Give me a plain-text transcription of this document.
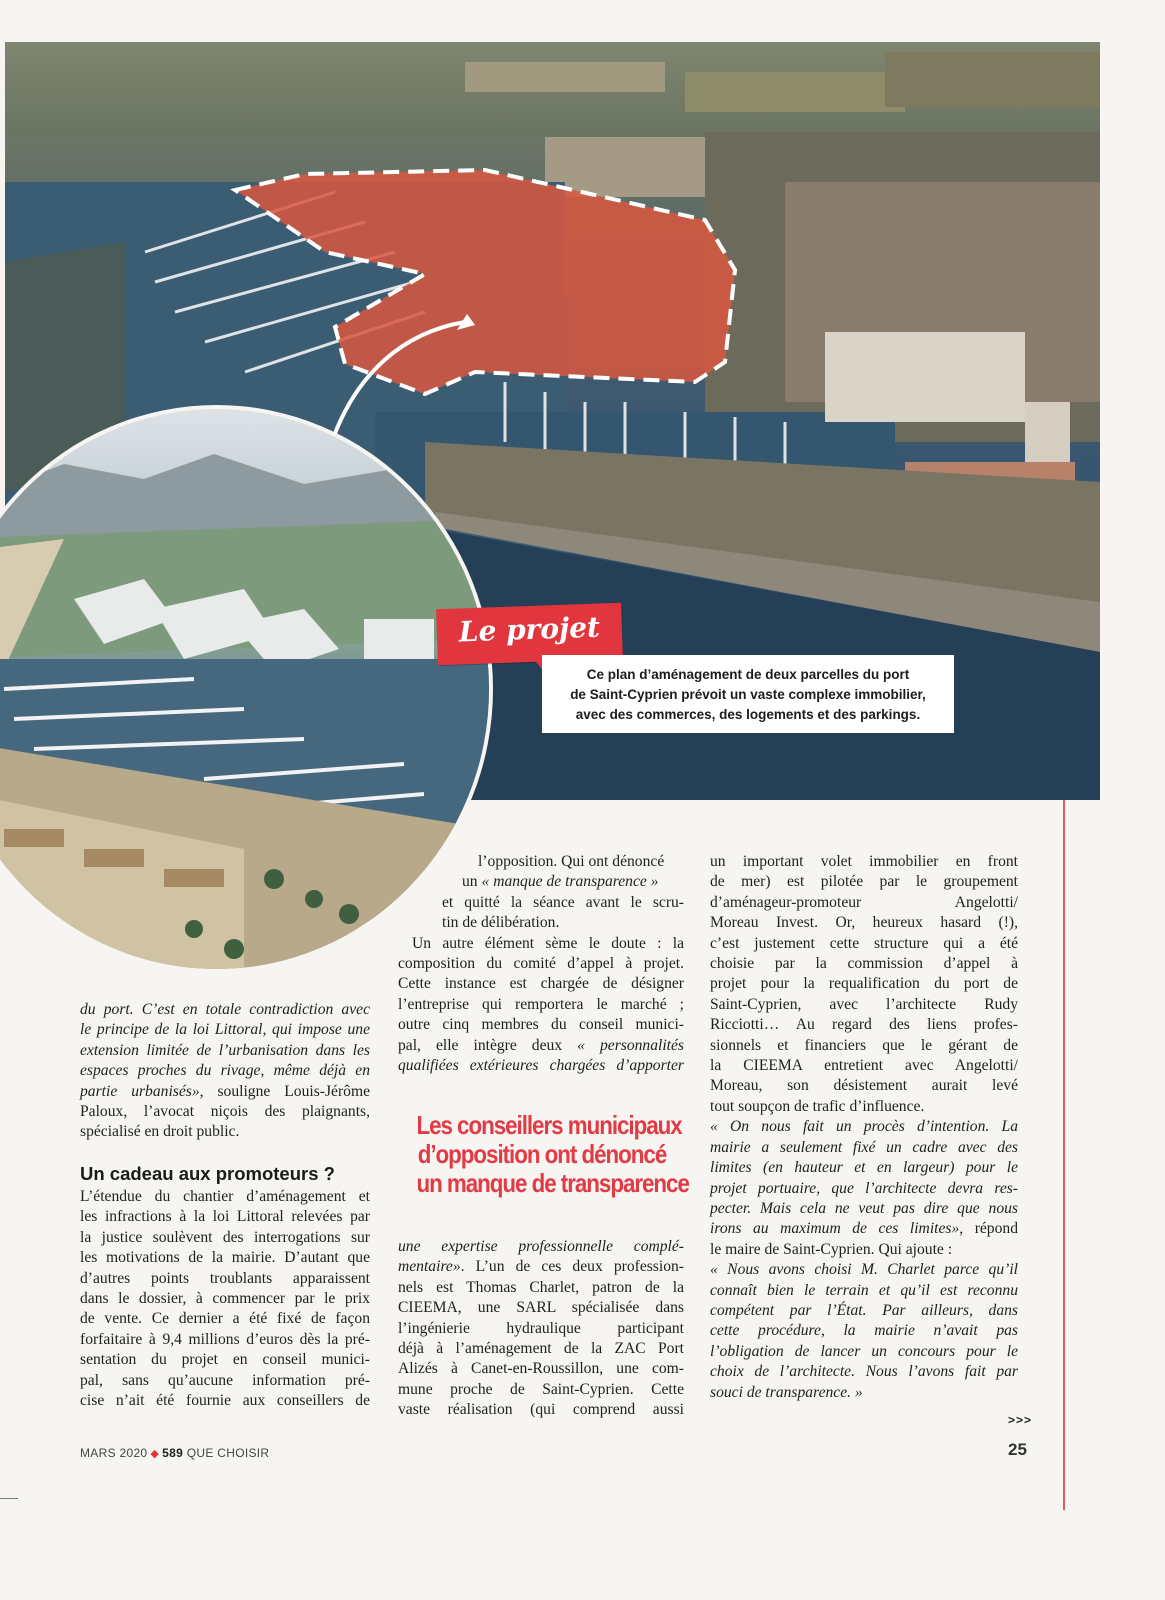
Le projet
Ce plan d’aménagement de deux parcelles du port
de Saint-Cyprien prévoit un vaste complexe immobilier,
avec des commerces, des logements et des parkings.
du port. C’est en totale contradiction avec
le principe de la loi Littoral, qui impose une
extension limitée de l’urbanisation dans les
espaces proches du rivage, même déjà en
partie urbanisés», souligne Louis-Jérôme
Paloux, l’avocat niçois des plaignants,
spécialisé en droit public.
Un cadeau aux promoteurs ?
L’étendue du chantier d’aménagement et
les infractions à la loi Littoral relevées par
la justice soulèvent des interrogations sur
les motivations de la mairie. D’autant que
d’autres points troublants apparaissent
dans le dossier, à commencer par le prix
de vente. Ce dernier a été fixé de façon
forfaitaire à 9,4 millions d’euros dès la pré-
sentation du projet en conseil munici-
pal, sans qu’aucune information pré-
cise n’ait été fournie aux conseillers de
l’opposition. Qui ont dénoncé
un « manque de transparence »
et quitté la séance avant le scru-
tin de délibération.
Un autre élément sème le doute : la
composition du comité d’appel à projet.
Cette instance est chargée de désigner
l’entreprise qui remportera le marché ;
outre cinq membres du conseil munici-
pal, elle intègre deux « personnalités
qualifiées extérieures chargées d’apporter
Les conseillers municipaux
d’opposition ont dénoncé
un manque de transparence
une expertise professionnelle complé-
mentaire». L’un de ces deux profession-
nels est Thomas Charlet, patron de la
CIEEMA, une SARL spécialisée dans
l’ingénierie hydraulique participant
déjà à l’aménagement de la ZAC Port
Alizés à Canet-en-Roussillon, une com-
mune proche de Saint-Cyprien. Cette
vaste réalisation (qui comprend aussi
un important volet immobilier en front
de mer) est pilotée par le groupement
d’aménageur-promoteur Angelotti/
Moreau Invest. Or, heureux hasard (!),
c’est justement cette structure qui a été
choisie par la commission d’appel à
projet pour la requalification du port de
Saint-Cyprien, avec l’architecte Rudy
Ricciotti… Au regard des liens profes-
sionnels et financiers que le gérant de
la CIEEMA entretient avec Angelotti/
Moreau, son désistement aurait levé
tout soupçon de trafic d’influence.
« On nous fait un procès d’intention. La
mairie a seulement fixé un cadre avec des
limites (en hauteur et en largeur) pour le
projet portuaire, que l’architecte devra res-
pecter. Mais cela ne veut pas dire que nous
irons au maximum de ces limites», répond
le maire de Saint-Cyprien. Qui ajoute :
« Nous avons choisi M. Charlet parce qu’il
connaît bien le terrain et qu’il est reconnu
compétent par l’État. Par ailleurs, dans
cette procédure, la mairie n’avait pas
l’obligation de lancer un concours pour le
choix de l’architecte. Nous l’avons fait par
souci de transparence. »
>>>
MARS 2020 ◆ 589 QUE CHOISIR	25
